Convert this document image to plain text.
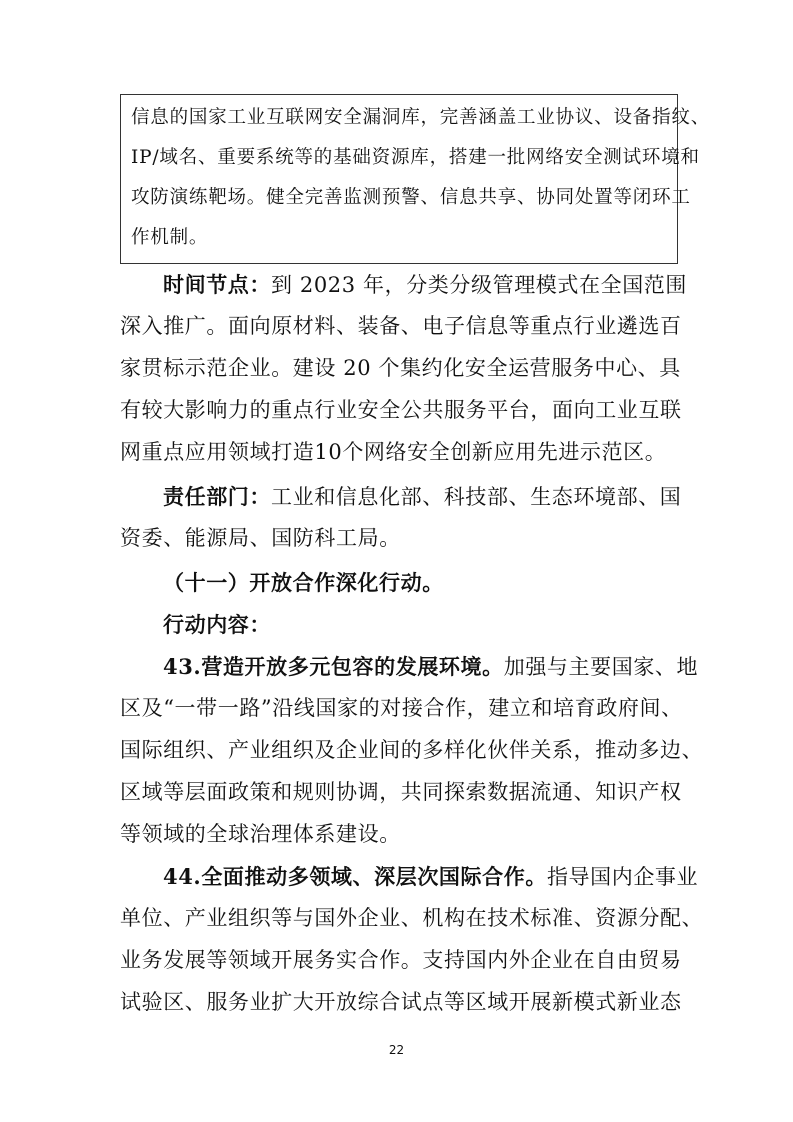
信息的国家工业互联网安全漏洞库，完善涵盖工业协议、设备指纹、
IP/域名、重要系统等的基础资源库，搭建一批网络安全测试环境和
攻防演练靶场。健全完善监测预警、信息共享、协同处置等闭环工
作机制。
时间节点：到 2023 年，分类分级管理模式在全国范围
深入推广。面向原材料、装备、电子信息等重点行业遴选百
家贯标示范企业。建设 20 个集约化安全运营服务中心、具
有较大影响力的重点行业安全公共服务平台，面向工业互联
网重点应用领域打造10个网络安全创新应用先进示范区。
责任部门：工业和信息化部、科技部、生态环境部、国
资委、能源局、国防科工局。
（十一）开放合作深化行动。
行动内容：
43.营造开放多元包容的发展环境。加强与主要国家、地
区及“一带一路”沿线国家的对接合作，建立和培育政府间、
国际组织、产业组织及企业间的多样化伙伴关系，推动多边、
区域等层面政策和规则协调，共同探索数据流通、知识产权
等领域的全球治理体系建设。
44.全面推动多领域、深层次国际合作。指导国内企事业
单位、产业组织等与国外企业、机构在技术标准、资源分配、
业务发展等领域开展务实合作。支持国内外企业在自由贸易
试验区、服务业扩大开放综合试点等区域开展新模式新业态
22
